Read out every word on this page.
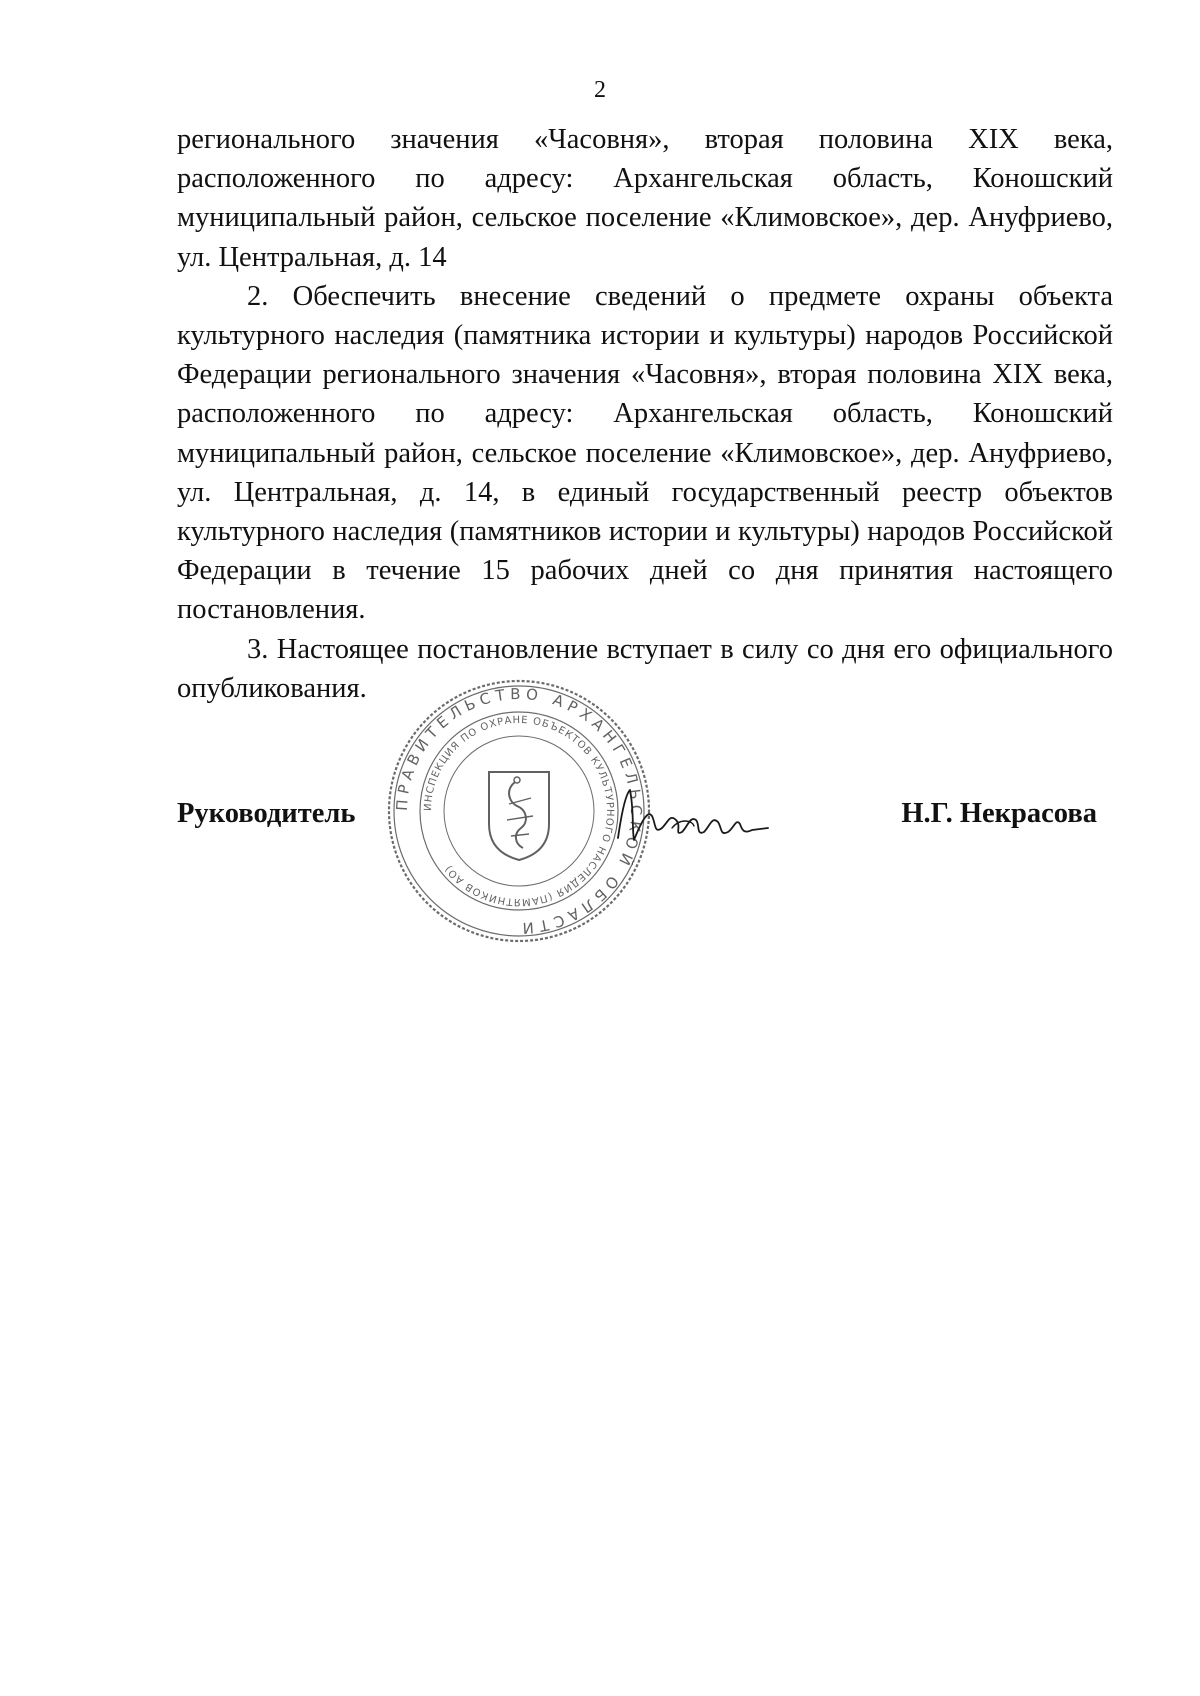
2

регионального значения «Часовня», вторая половина XIX века, расположенного по адресу: Архангельская область, Коношский муниципальный район, сельское поселение «Климовское», дер. Ануфриево, ул. Центральная, д. 14

2. Обеспечить внесение сведений о предмете охраны объекта культурного наследия (памятника истории и культуры) народов Российской Федерации регионального значения «Часовня», вторая половина XIX века, расположенного по адресу: Архангельская область, Коношский муниципальный район, сельское поселение «Климовское», дер. Ануфриево, ул. Центральная, д. 14, в единый государственный реестр объектов культурного наследия (памятников истории и культуры) народов Российской Федерации в течение 15 рабочих дней со дня принятия настоящего постановления.

3. Настоящее постановление вступает в силу со дня его официального опубликования.

Руководитель	Н.Г. Некрасова
ПРАВИТЕЛЬСТВО АРХАНГЕЛЬСКОЙ ОБЛАСТИ
ИНСПЕКЦИЯ ПО ОХРАНЕ ОБЪЕКТОВ КУЛЬТУРНОГО НАСЛЕДИЯ (ПАМЯТНИКОВ АО)
